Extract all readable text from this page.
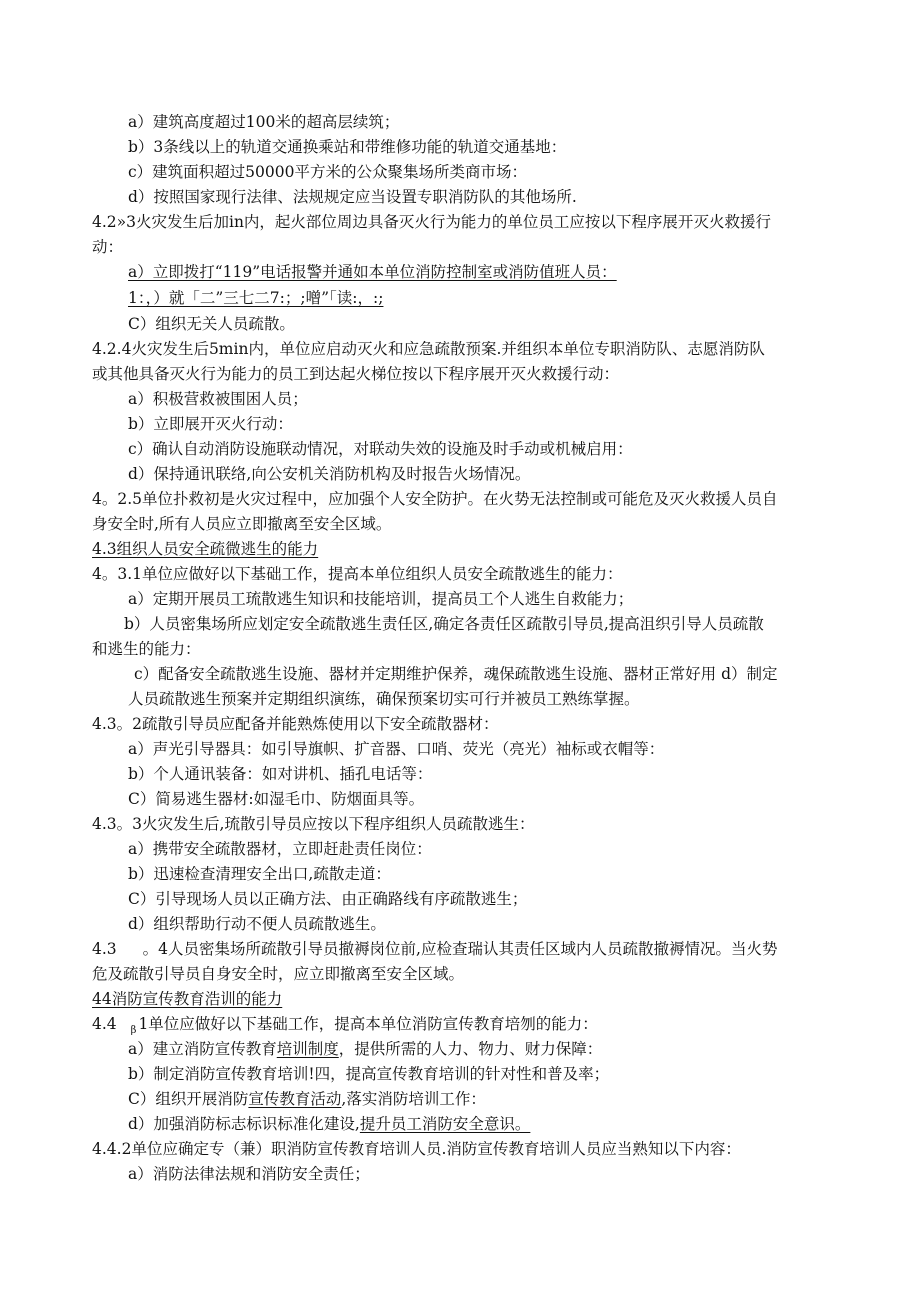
a）建筑高度超过100米的超高层续筑；
b）3条线以上的轨道交通换乘站和带维修功能的轨道交通基地：
c）建筑面积超过50000平方米的公众聚集场所类商市场：
d）按照国家现行法律、法规规定应当设置专职消防队的其他场所.
4.2»3火灾发生后加in内，起火部位周边具备灭火行为能力的单位员工应按以下程序展开灭火救援行
动：
a）立即拨打“119”电话报警并通如本单位消防控制室或消防值班人员：
1：，）就「二”三七二7:；;噌”「读:，:;
C）组织无关人员疏散。
4.2.4火灾发生后5min内，单位应启动灭火和应急疏散预案.并组织本单位专职消防队、志愿消防队
或其他具备灭火行为能力的员工到达起火梯位按以下程序展开灭火救援行动：
a）积极营救被围困人员；
b）立即展开灭火行动：
c）确认自动消防设施联动情况，对联动失效的设施及时手动或机械启用：
d）保持通讯联络,向公安机关消防机构及时报告火场情况。
4。2.5单位扑救初是火灾过程中，应加强个人安全防护。在火势无法控制或可能危及灭火救援人员自
身安全时,所有人员应立即撤离至安全区域。
4.3组织人员安全疏微逃生的能力
4。3.1单位应做好以下基础工作，提高本单位组织人员安全疏散逃生的能力：
a）定期开展员工琉散逃生知识和技能培训，提高员工个人逃生自救能力；
b）人员密集场所应划定安全疏散逃生责任区,确定各责任区疏散引导员,提高沮织引导人员疏散
和逃生的能力：
c）配备安全疏散逃生设施、器材并定期维护保养，魂保疏散逃生设施、器材正常好用 d）制定
人员疏散逃生预案并定期组织演练，确保预案切实可行并被员工熟练掌握。
4.3。2疏散引导员应配备并能熟炼使用以下安全疏散器材：
a）声光引导器具：如引导旗帜、扩音器、口哨、荧光（亮光）袖标或衣帽等：
b）个人通讯装备：如对讲机、插孔电话等：
C）简易逃生器材:如湿毛巾、防烟面具等。
4.3。3火灾发生后,琉散引导员应按以下程序组织人员疏散逃生：
a）携带安全疏散器材，立即赶赴责任岗位：
b）迅速检查清理安全出口,疏散走道：
C）引导现场人员以正确方法、由正确路线有序疏散逃生；
d）组织帮助行动不便人员疏散逃生。
4.3 。4人员密集场所疏散引导员撤褥岗位前,应检查瑞认其责任区域内人员疏散撤褥情况。当火势
危及疏散引导员自身安全时，应立即撤离至安全区域。
44消防宣传教育浩训的能力
4.4 $_\beta$ 1单位应做好以下基础工作，提高本单位消防宣传教育培刎的能力：
a）建立消防宣传教育培训制度，提供所需的人力、物力、财力保障：
b）制定消防宣传教育培训!四，提高宣传教育培训的针对性和普及率；
C）组织开展消防宣传教育活动,落实消防培训工作：
d）加强消防标志标识标准化建设,提升员工消防安全意识。
4.4.2单位应确定专（兼）职消防宣传教育培训人员.消防宣传教育培训人员应当熟知以下内容：
a）消防法律法规和消防安全责任；
